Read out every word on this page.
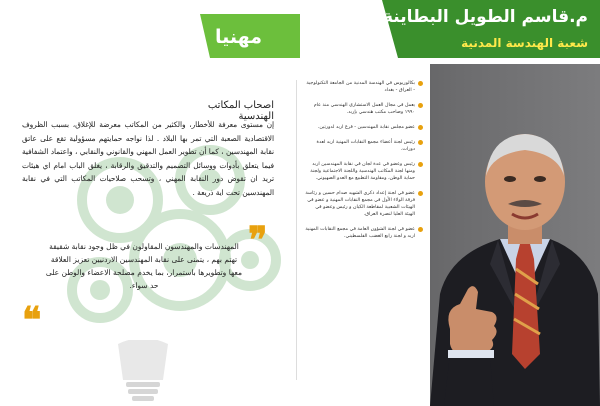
م.قاسم الطويل البطاينة
شعبة الهندسة المدنية
مهنيا
اصحاب المكاتب الهندسية
إن مستوى معرفة للأخطار، والكثير من المكاتب معرضة للإغلاق، بسبب الظروف الاقتصادية الصعبة التي تمر بها البلاد . لذا نواجه حمايتهم مسؤولية تقع على عاتق نقابة المهندسين ، كما أن تطوير العمل المهني والقانوني والنقابي ، واعتماد الشفافية فيما يتعلق بأدوات ووسائل التصميم والتدقيق والرقابة ، يغلق الباب امام اي هيئات تريد ان تقوض دور النقابة المهني ، وتسحب صلاحيات المكاتب التي في نقابة المهندسين تحت اية ذريعة .
❞
المهندسات والمهندسون المقاولون في ظل وجود نقابة شقيقة تهتم بهم ، يتمنى على نقابة المهندسين الاردنيين تعزيز العلاقة معها وتطويرها باستمرار، بما يخدم مصلحة الاعضاء والوطن على حد سواء.
❝
بكالوريوس في الهندسة المدنية من الجامعة التكنولوجية - العراق - بغداد
يعمل في مجال العمل الاستشاري الهندسي منذ عام ١٩٩٠ وصاحب مكتب هندسي بإربد.
عضو مجلس نقابة المهندسين - فرع اربد لدورتين.
رئيس لجنة أعضاء مجمع النقابات المهنية اربد لعدة دورات.
رئيس وعضو في عدة لجان في نقابة المهندسين اربد ومنها لجنة المكاتب الهندسية واللجنة الاجتماعية ولجنة حماية الوطن، ومقاومة التطبيع مع العدو الصهيوني.
عضو في لجنة إعداد ذكرى الشهيد صدام حسين و رئاسة فرقة الولاء الأول في مجمع النقابات المهنية و عضو في الهيئات الشعبية لمقاطعة الكيان و رئيس وعضو في الهيئة العليا لنصرة العراق.
عضو في لجنة الشؤون العامة في مجمع النقابات المهنية اربد و لجنة رابع الغضب الفلسطيني.
